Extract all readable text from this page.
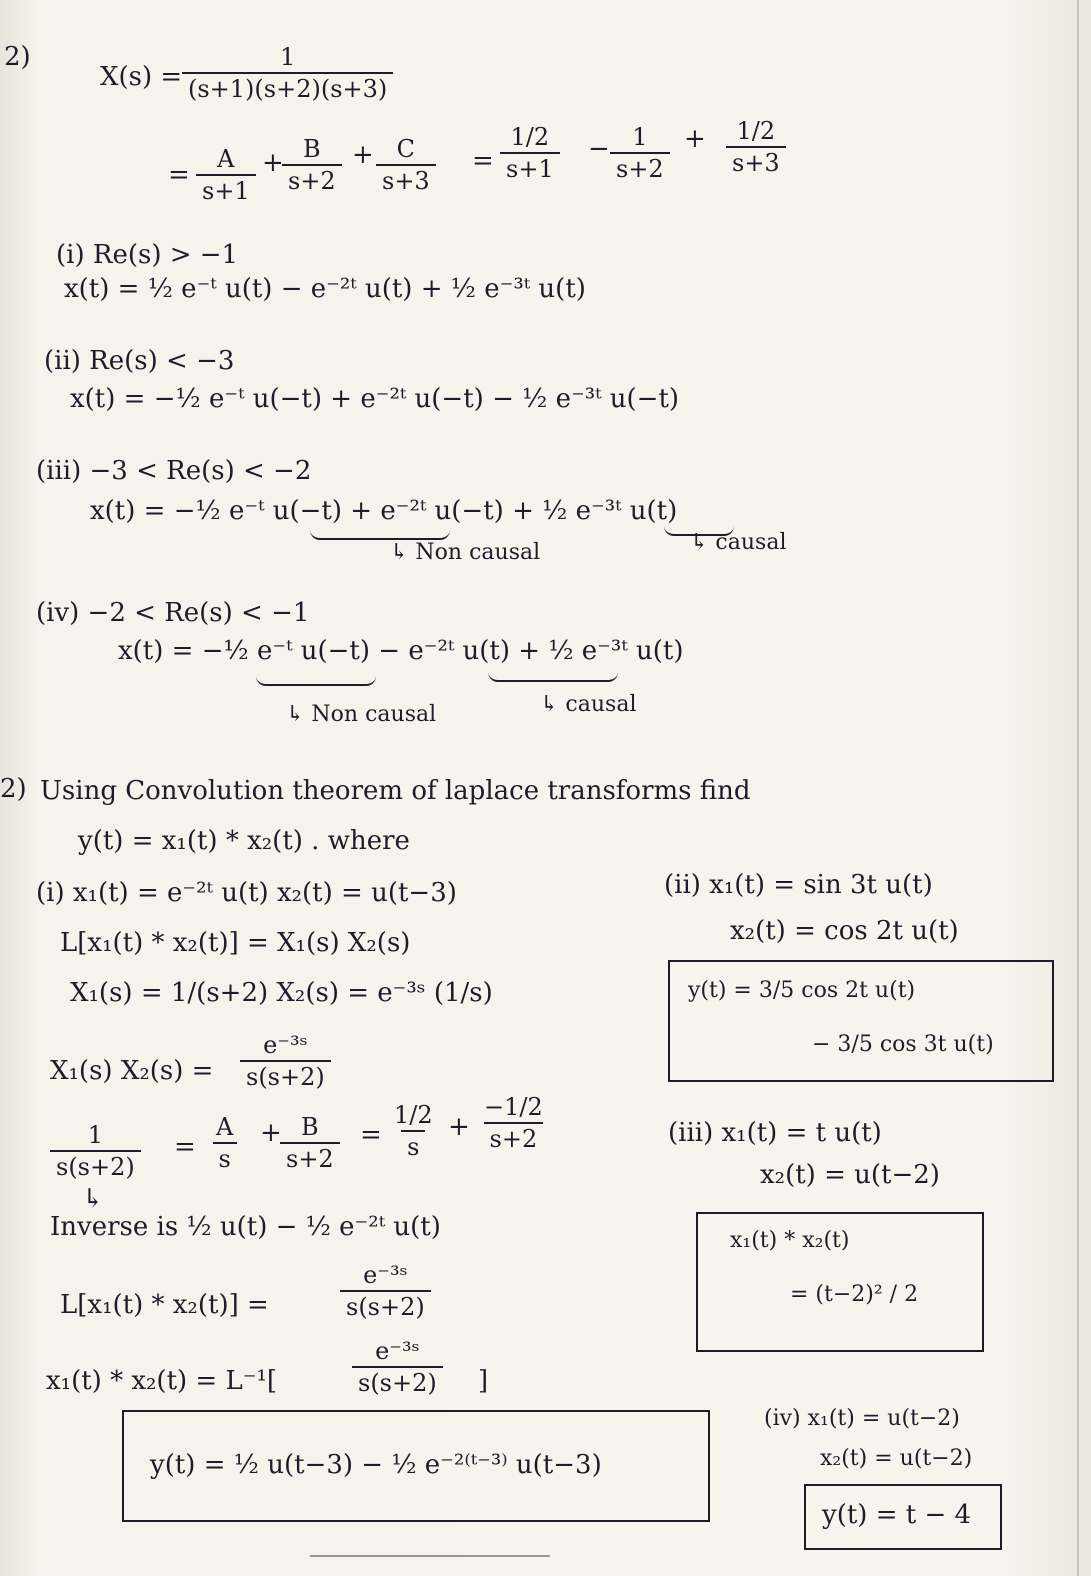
2)
$X(s) = \frac{1}{(s+1)(s+2)(s+3)}$
= $\frac{A}{s+1}$ +
$\frac{B}{s+2} + \frac{C}{s+3} = \frac{1/2}{s+1} - \frac{1}{s+2} + \frac{1/2}{s+3}$
(i) Re(s) > −1
x(t) = ½ e⁻ᵗ u(t) − e⁻²ᵗ u(t) + ½ e⁻³ᵗ u(t)
(ii) Re(s) < −3
x(t) = −½ e⁻ᵗ u(−t) + e⁻²ᵗ u(−t) − ½ e⁻³ᵗ u(−t)
(iii) −3 < Re(s) < −2
x(t) = −½ e⁻ᵗ u(−t) + e⁻²ᵗ u(−t) + ½ e⁻³ᵗ u(t)
↳ Non causal	↳ causal
(iv) −2 < Re(s) < −1
x(t) = −½ e⁻ᵗ u(−t) − e⁻²ᵗ u(t) + ½ e⁻³ᵗ u(t)
↳ Non causal	↳ causal
2) Using Convolution theorem of laplace transforms find
y(t) = x₁(t) * x₂(t) . where
(i) x₁(t) = e⁻²ᵗ u(t) x₂(t) = u(t−3)
L[x₁(t) * x₂(t)] = X₁(s) X₂(s)
X₁(s) = 1/(s+2) X₂(s) = e⁻³ˢ (1/s)
X₁(s) $X_2(s) = \frac{\text{e⁻³ˢ}}{s(s+2)}$
$\frac{1}{s(s+2)} = \frac{A}{s}$ +
$\frac{B}{s+2} = \frac{1/2}{s} + \frac{-1/2}{s+2}$
↳
Inverse is ½ u(t) − ½ e⁻²ᵗ u(t)
L[x₁(t) * x₂(t)] =	$\frac{\text{e⁻³ˢ}}{s(s+2)}$
x₁(t) * x₂(t) = L⁻¹[	$\frac{\text{e⁻³ˢ}}{s(s+2)}$ ]
y(t) = ½ u(t−3) − ½ e⁻²⁽ᵗ⁻³⁾ u(t−3)
(ii) x₁(t) = sin 3t u(t)
x₂(t) = cos 2t u(t)
y(t) = 3/5 cos 2t u(t)
− 3/5 cos 3t u(t)
(iii) x₁(t) = t u(t)
x₂(t) = u(t−2)
x₁(t) * x₂(t)
= (t−2)² / 2
(iv) x₁(t) = u(t−2)
x₂(t) = u(t−2)
y(t) = t − 4
